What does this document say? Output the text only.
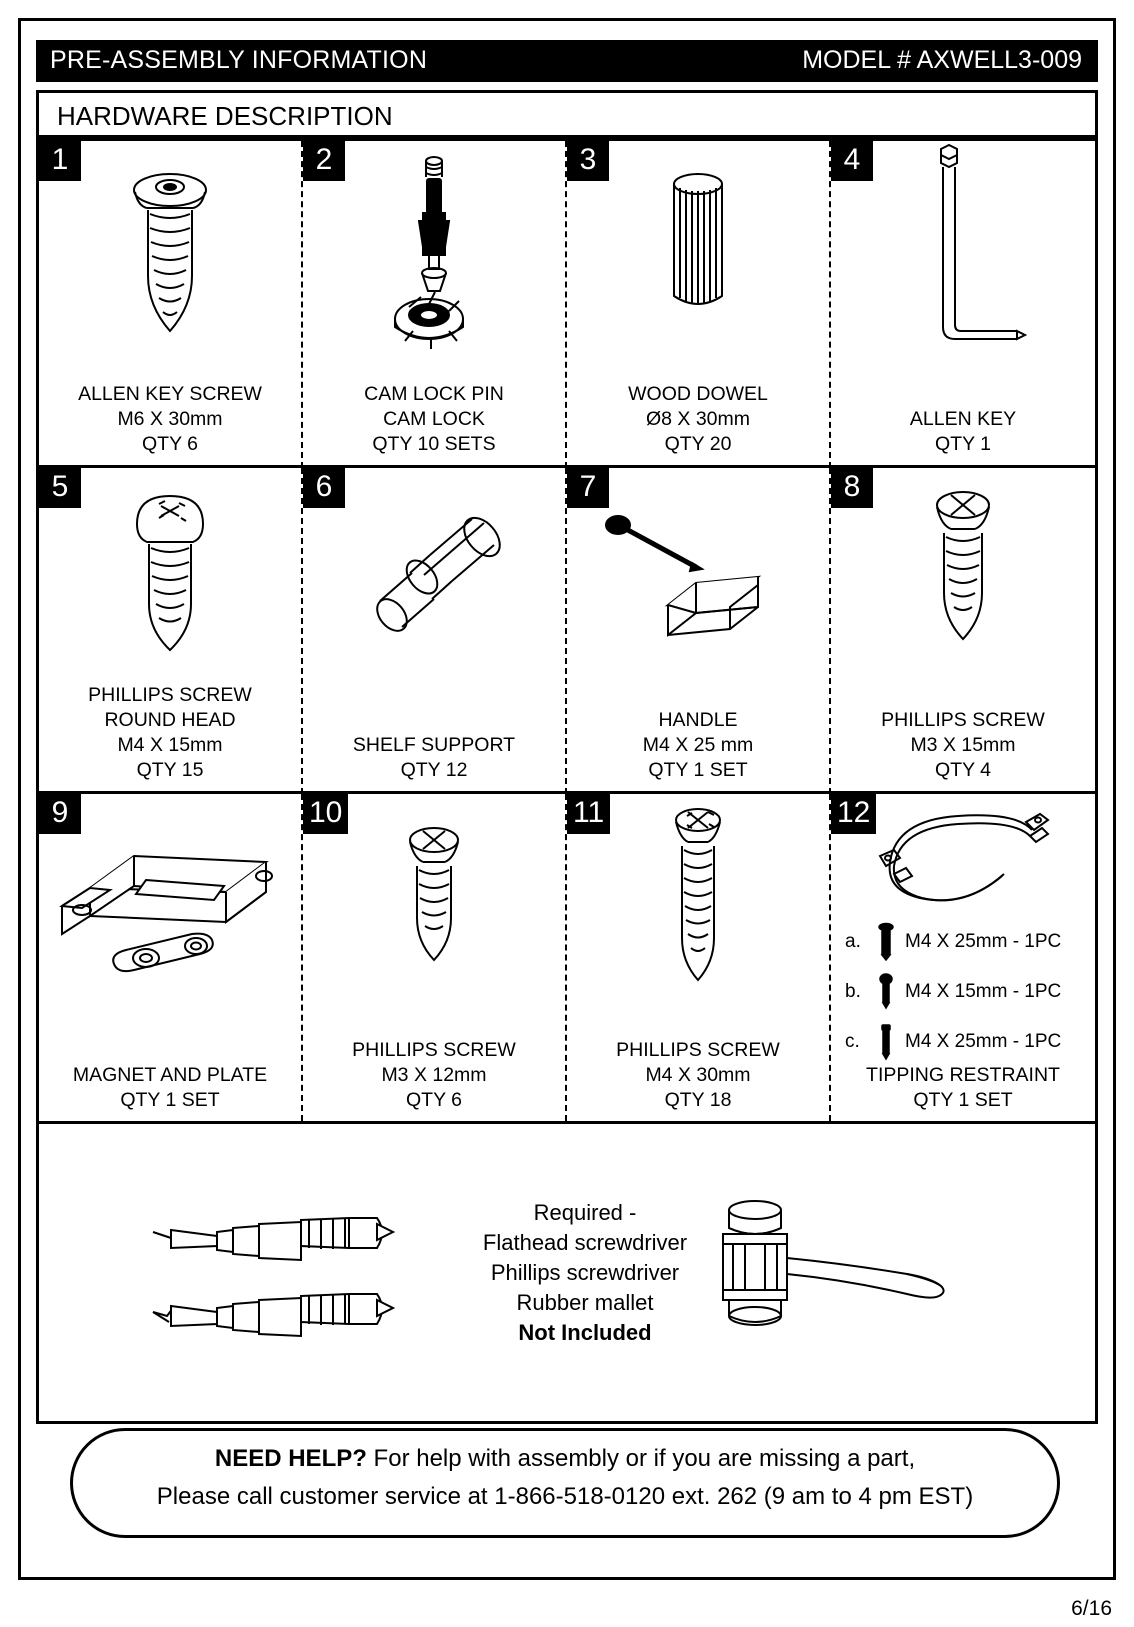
PRE-ASSEMBLY INFORMATION	MODEL # AXWELL3-009
HARDWARE DESCRIPTION
1
ALLEN KEY SCREW
M6 X 30mm
QTY 6
2
CAM LOCK PIN
CAM LOCK
QTY 10 SETS
3
WOOD DOWEL
Ø8 X 30mm
QTY 20
4
ALLEN KEY
QTY 1
5
PHILLIPS SCREW
ROUND HEAD
M4 X 15mm
QTY 15
6
SHELF SUPPORT
QTY 12
7
HANDLE
M4 X 25 mm
QTY 1 SET
8
PHILLIPS SCREW
M3 X 15mm
QTY 4
9
MAGNET AND PLATE
QTY 1 SET
10
PHILLIPS SCREW
M3 X 12mm
QTY 6
11
PHILLIPS SCREW
M4 X 30mm
QTY 18
12
a.	M4 X 25mm - 1PC
b.	M4 X 15mm - 1PC
c.	M4 X 25mm - 1PC
TIPPING RESTRAINT
QTY 1 SET
Required -
Flathead screwdriver
Phillips screwdriver
Rubber mallet
Not Included
NEED HELP? For help with assembly or if you are missing a part,
Please call customer service at 1-866-518-0120 ext. 262 (9 am to 4 pm EST)
6/16
